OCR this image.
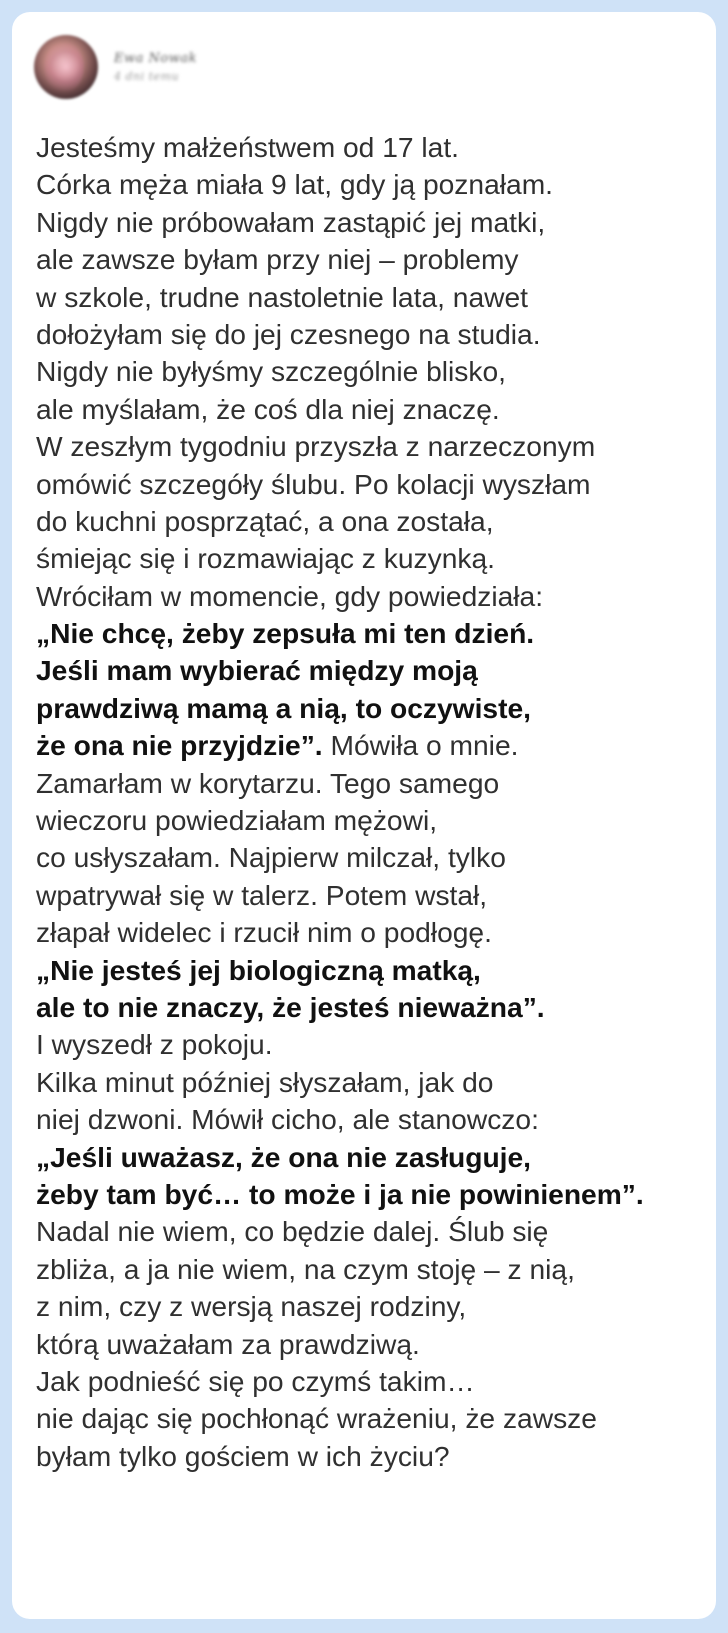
Ewa Nowak
4 dni temu
Jesteśmy małżeństwem od 17 lat.
Córka męża miała 9 lat, gdy ją poznałam.
Nigdy nie próbowałam zastąpić jej matki,
ale zawsze byłam przy niej – problemy
w szkole, trudne nastoletnie lata, nawet
dołożyłam się do jej czesnego na studia.
Nigdy nie byłyśmy szczególnie blisko,
ale myślałam, że coś dla niej znaczę.
W zeszłym tygodniu przyszła z narzeczonym
omówić szczegóły ślubu. Po kolacji wyszłam
do kuchni posprzątać, a ona została,
śmiejąc się i rozmawiając z kuzynką.
Wróciłam w momencie, gdy powiedziała:
„Nie chcę, żeby zepsuła mi ten dzień.
Jeśli mam wybierać między moją
prawdziwą mamą a nią, to oczywiste,
że ona nie przyjdzie”. Mówiła o mnie.
Zamarłam w korytarzu. Tego samego
wieczoru powiedziałam mężowi,
co usłyszałam. Najpierw milczał, tylko
wpatrywał się w talerz. Potem wstał,
złapał widelec i rzucił nim o podłogę.
„Nie jesteś jej biologiczną matką,
ale to nie znaczy, że jesteś nieważna”.
I wyszedł z pokoju.
Kilka minut później słyszałam, jak do
niej dzwoni. Mówił cicho, ale stanowczo:
„Jeśli uważasz, że ona nie zasługuje,
żeby tam być… to może i ja nie powinienem”.
Nadal nie wiem, co będzie dalej. Ślub się
zbliża, a ja nie wiem, na czym stoję – z nią,
z nim, czy z wersją naszej rodziny,
którą uważałam za prawdziwą.
Jak podnieść się po czymś takim…
nie dając się pochłonąć wrażeniu, że zawsze
byłam tylko gościem w ich życiu?
